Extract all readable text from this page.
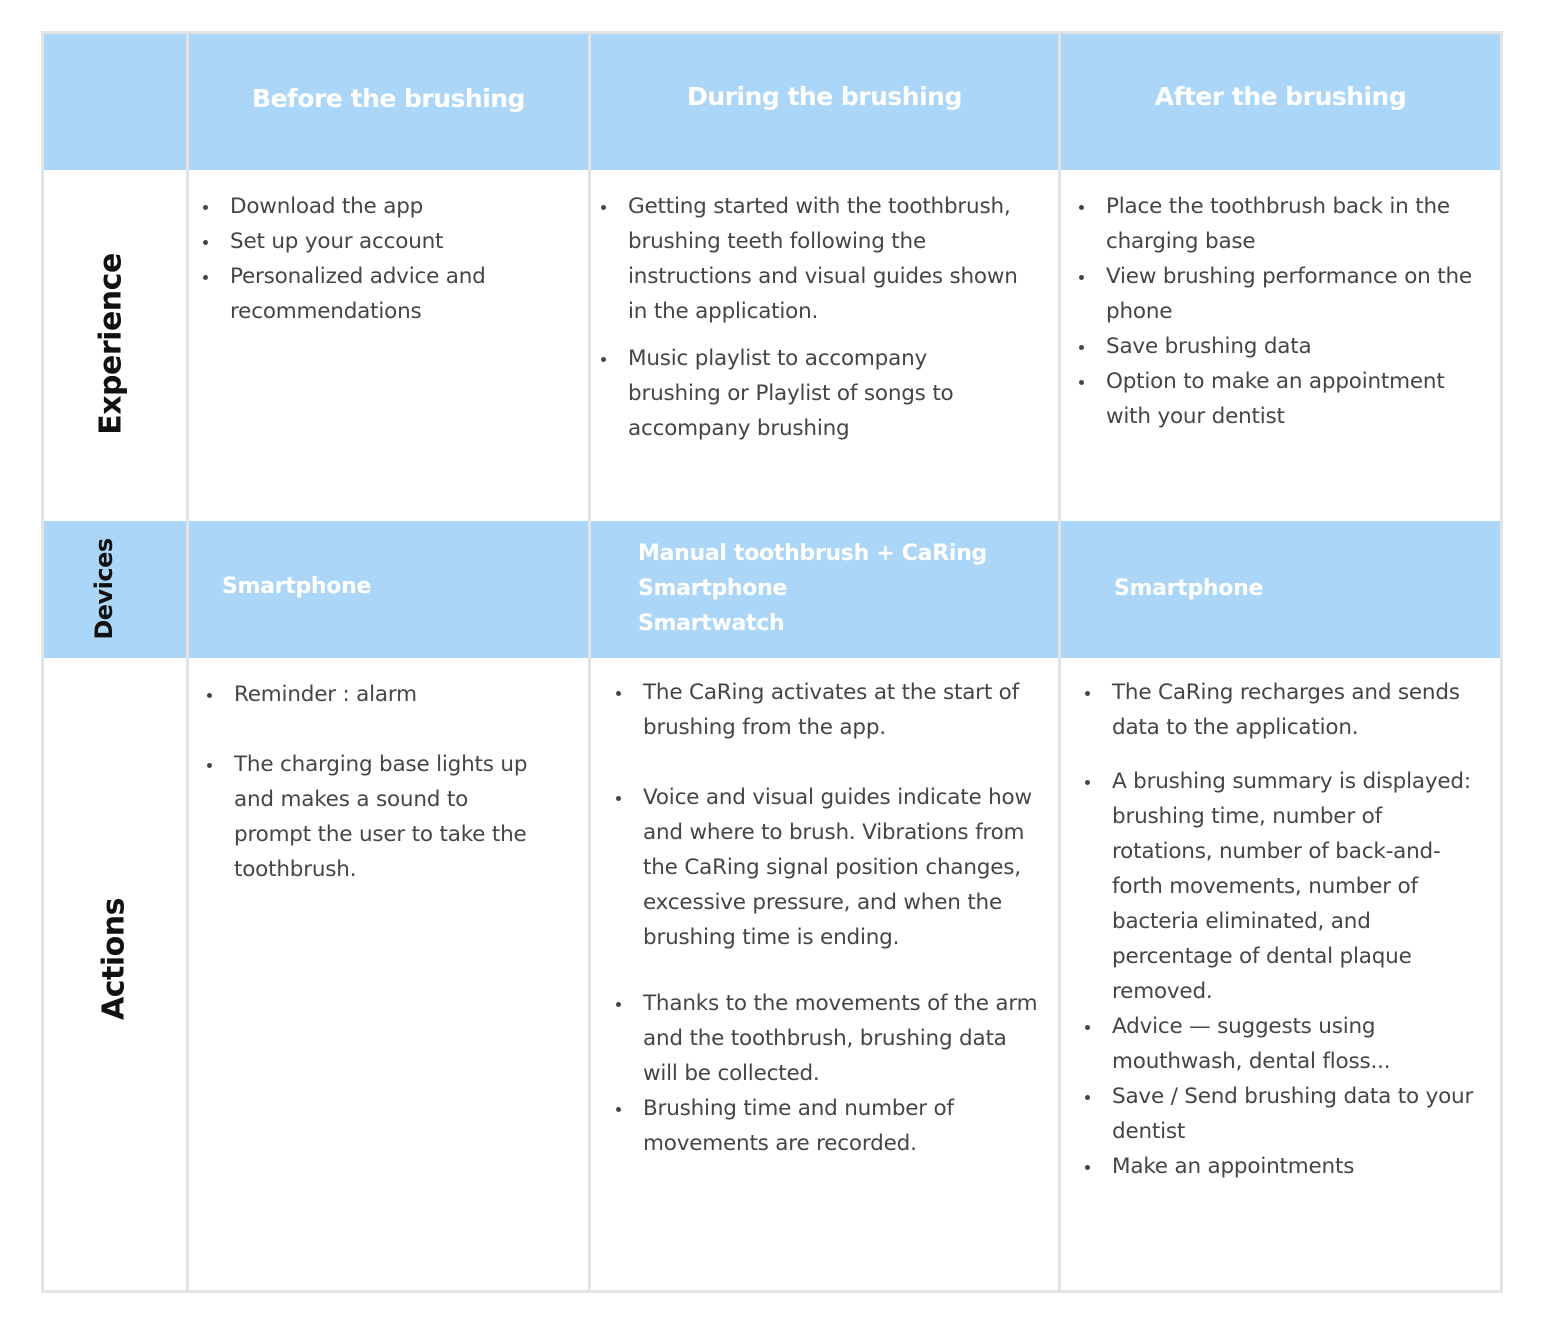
Before the brushing	During the brushing	After the brushing
Experience
Devices
Actions
Download the app
Set up your account
Personalized advice and recommendations
Getting started with the toothbrush, brushing teeth following the instructions and visual guides shown in the application.
Music playlist to accompany brushing or Playlist of songs to accompany brushing
Place the toothbrush back in the charging base
View brushing performance on the phone
Save brushing data
Option to make an appointment with your dentist
Smartphone
Manual toothbrush + CaRing
Smartphone
Smartwatch
Smartphone
Reminder : alarm
The charging base lights up and makes a sound to prompt the user to take the toothbrush.
The CaRing activates at the start of brushing from the app.
Voice and visual guides indicate how and where to brush. Vibrations from the CaRing signal position changes, excessive pressure, and when the brushing time is ending.
Thanks to the movements of the arm and the toothbrush, brushing data will be collected.
Brushing time and number of movements are recorded.
The CaRing recharges and sends data to the application.
A brushing summary is displayed: brushing time, number of rotations, number of back-and-forth movements, number of bacteria eliminated, and percentage of dental plaque removed.
Advice — suggests using mouthwash, dental floss...
Save / Send brushing data to your dentist
Make an appointments
